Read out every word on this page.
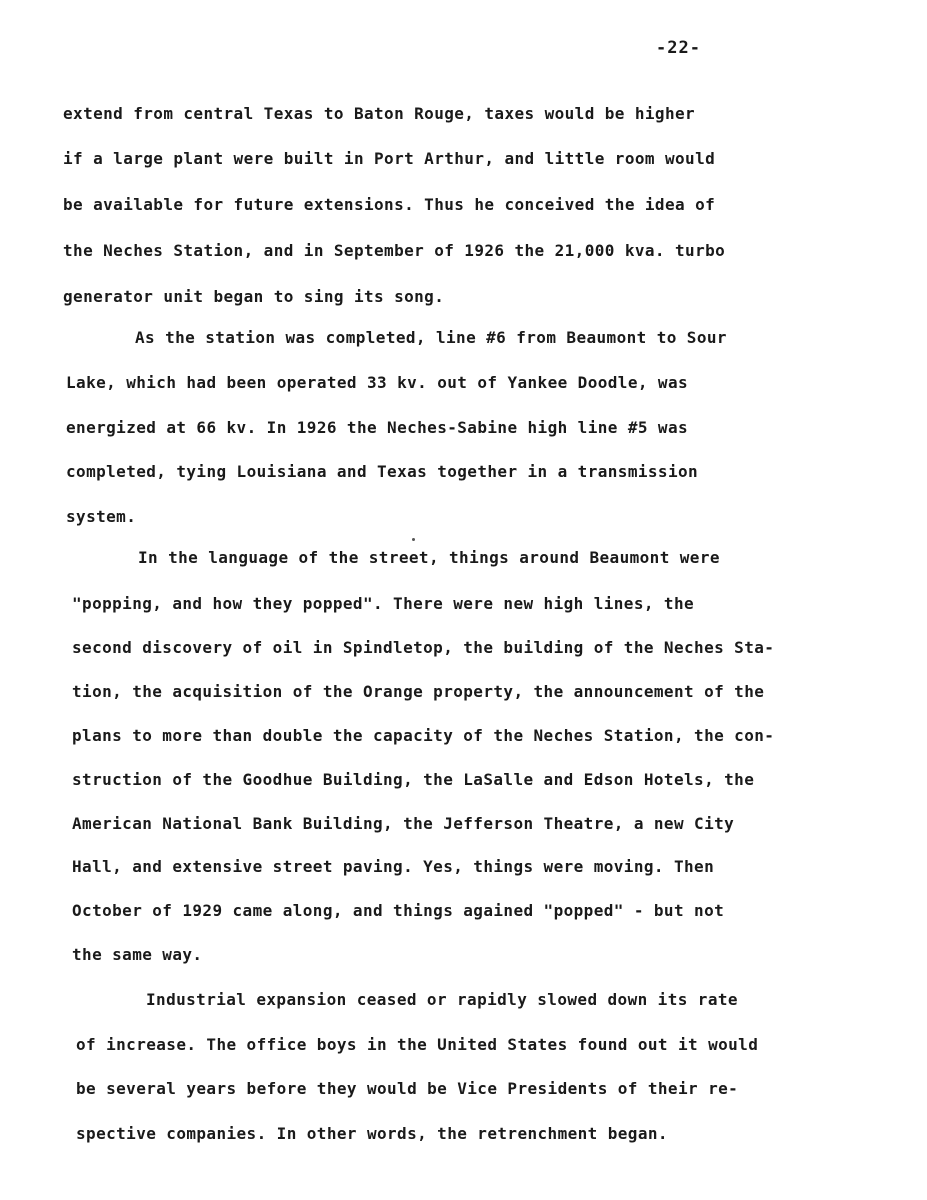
-22-
extend from central Texas to Baton Rouge, taxes would be higher
if a large plant were built in Port Arthur, and little room would
be available for future extensions. Thus he conceived the idea of
the Neches Station, and in September of 1926 the 21,000 kva. turbo
generator unit began to sing its song.
As the station was completed, line #6 from Beaumont to Sour
Lake, which had been operated 33 kv. out of Yankee Doodle, was
energized at 66 kv. In 1926 the Neches-Sabine high line #5 was
completed, tying Louisiana and Texas together in a transmission
system.
In the language of the street, things around Beaumont were
"popping, and how they popped". There were new high lines, the
second discovery of oil in Spindletop, the building of the Neches Sta-
tion, the acquisition of the Orange property, the announcement of the
plans to more than double the capacity of the Neches Station, the con-
struction of the Goodhue Building, the LaSalle and Edson Hotels, the
American National Bank Building, the Jefferson Theatre, a new City
Hall, and extensive street paving. Yes, things were moving. Then
October of 1929 came along, and things agained "popped" - but not
the same way.
Industrial expansion ceased or rapidly slowed down its rate
of increase. The office boys in the United States found out it would
be several years before they would be Vice Presidents of their re-
spective companies. In other words, the retrenchment began.
